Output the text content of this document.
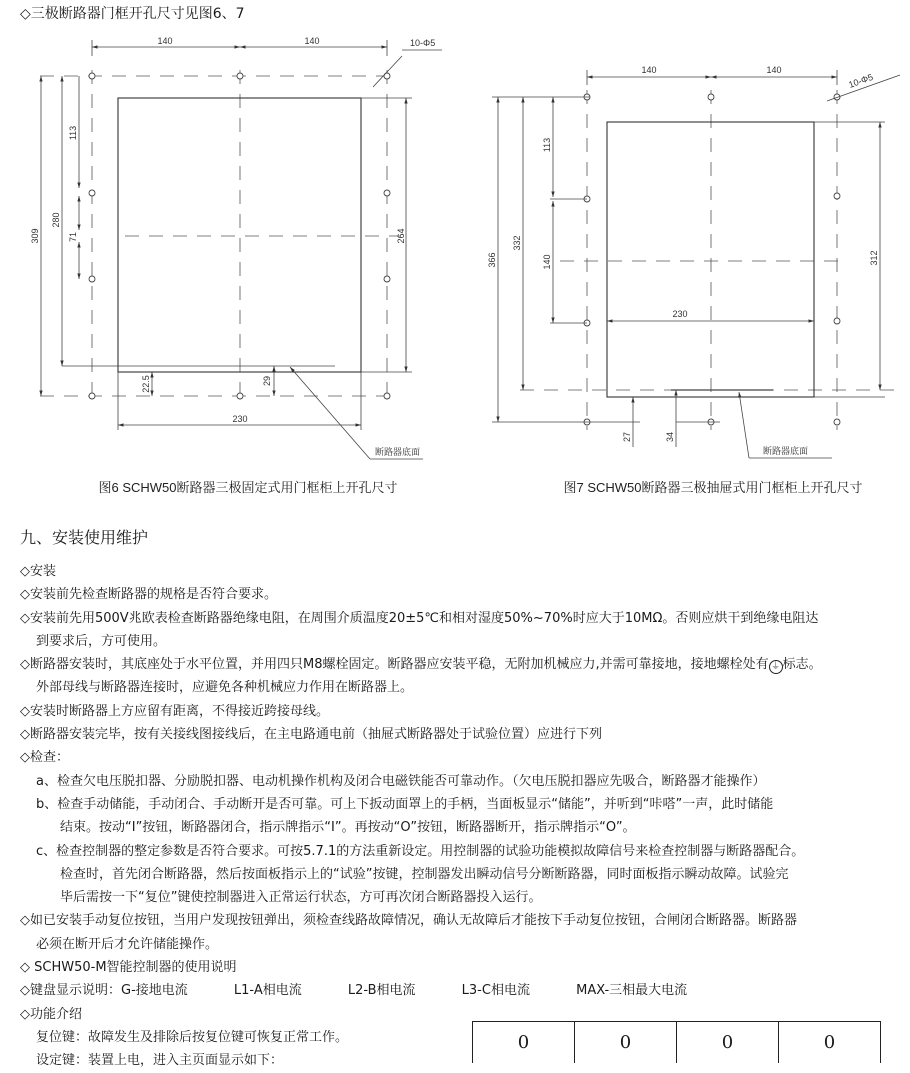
◇三极断路器门框开孔尺寸见图6、7
140	140	10-Φ5
309
280
113
71	264
22.5	29
230
断路器底面
图6 SCHW50断路器三极固定式用门框柜上开孔尺寸
140	140
10-Φ5
366
332
113
140	312
230
27	34
断路器底面
图7 SCHW50断路器三极抽屉式用门框柜上开孔尺寸
九、安装使用维护
◇安装
◇安装前先检查断路器的规格是否符合要求。
◇安装前先用500V兆欧表检查断路器绝缘电阻，在周围介质温度20±5℃和相对湿度50%~70%时应大于10MΩ。否则应烘干到绝缘电阻达
到要求后，方可使用。
◇断路器安装时，其底座处于水平位置，并用四只M8螺栓固定。断路器应安装平稳，无附加机械应力,并需可靠接地，接地螺栓处有 ⏚ 标志。
外部母线与断路器连接时，应避免各种机械应力作用在断路器上。
◇安装时断路器上方应留有距离，不得接近跨接母线。
◇断路器安装完毕，按有关接线图接线后，在主电路通电前（抽屉式断路器处于试验位置）应进行下列
◇检查：
a、检查欠电压脱扣器、分励脱扣器、电动机操作机构及闭合电磁铁能否可靠动作。（欠电压脱扣器应先吸合，断路器才能操作）
b、检查手动储能，手动闭合、手动断开是否可靠。可上下扳动面罩上的手柄，当面板显示“储能”，并听到“咔嗒”一声，此时储能
结束。按动“I”按钮，断路器闭合，指示牌指示“I”。再按动“O”按钮，断路器断开，指示牌指示“O”。
c、检查控制器的整定参数是否符合要求。可按5.7.1的方法重新设定。用控制器的试验功能模拟故障信号来检查控制器与断路器配合。
检查时，首先闭合断路器，然后按面板指示上的“试验”按键，控制器发出瞬动信号分断断路器，同时面板指示瞬动故障。试验完
毕后需按一下“复位”键使控制器进入正常运行状态，方可再次闭合断路器投入运行。
◇如已安装手动复位按钮，当用户发现按钮弹出，须检查线路故障情况，确认无故障后才能按下手动复位按钮，合闸闭合断路器。断路器
必须在断开后才允许储能操作。
◇ SCHW50-M智能控制器的使用说明
◇键盘显示说明：G-接地电流	L1-A相电流	L2-B相电流	L3-C相电流	MAX-三相最大电流
◇功能介绍
复位键：故障发生及排除后按复位键可恢复正常工作。
设定键：装置上电，进入主页面显示如下：
0	0	0	0
